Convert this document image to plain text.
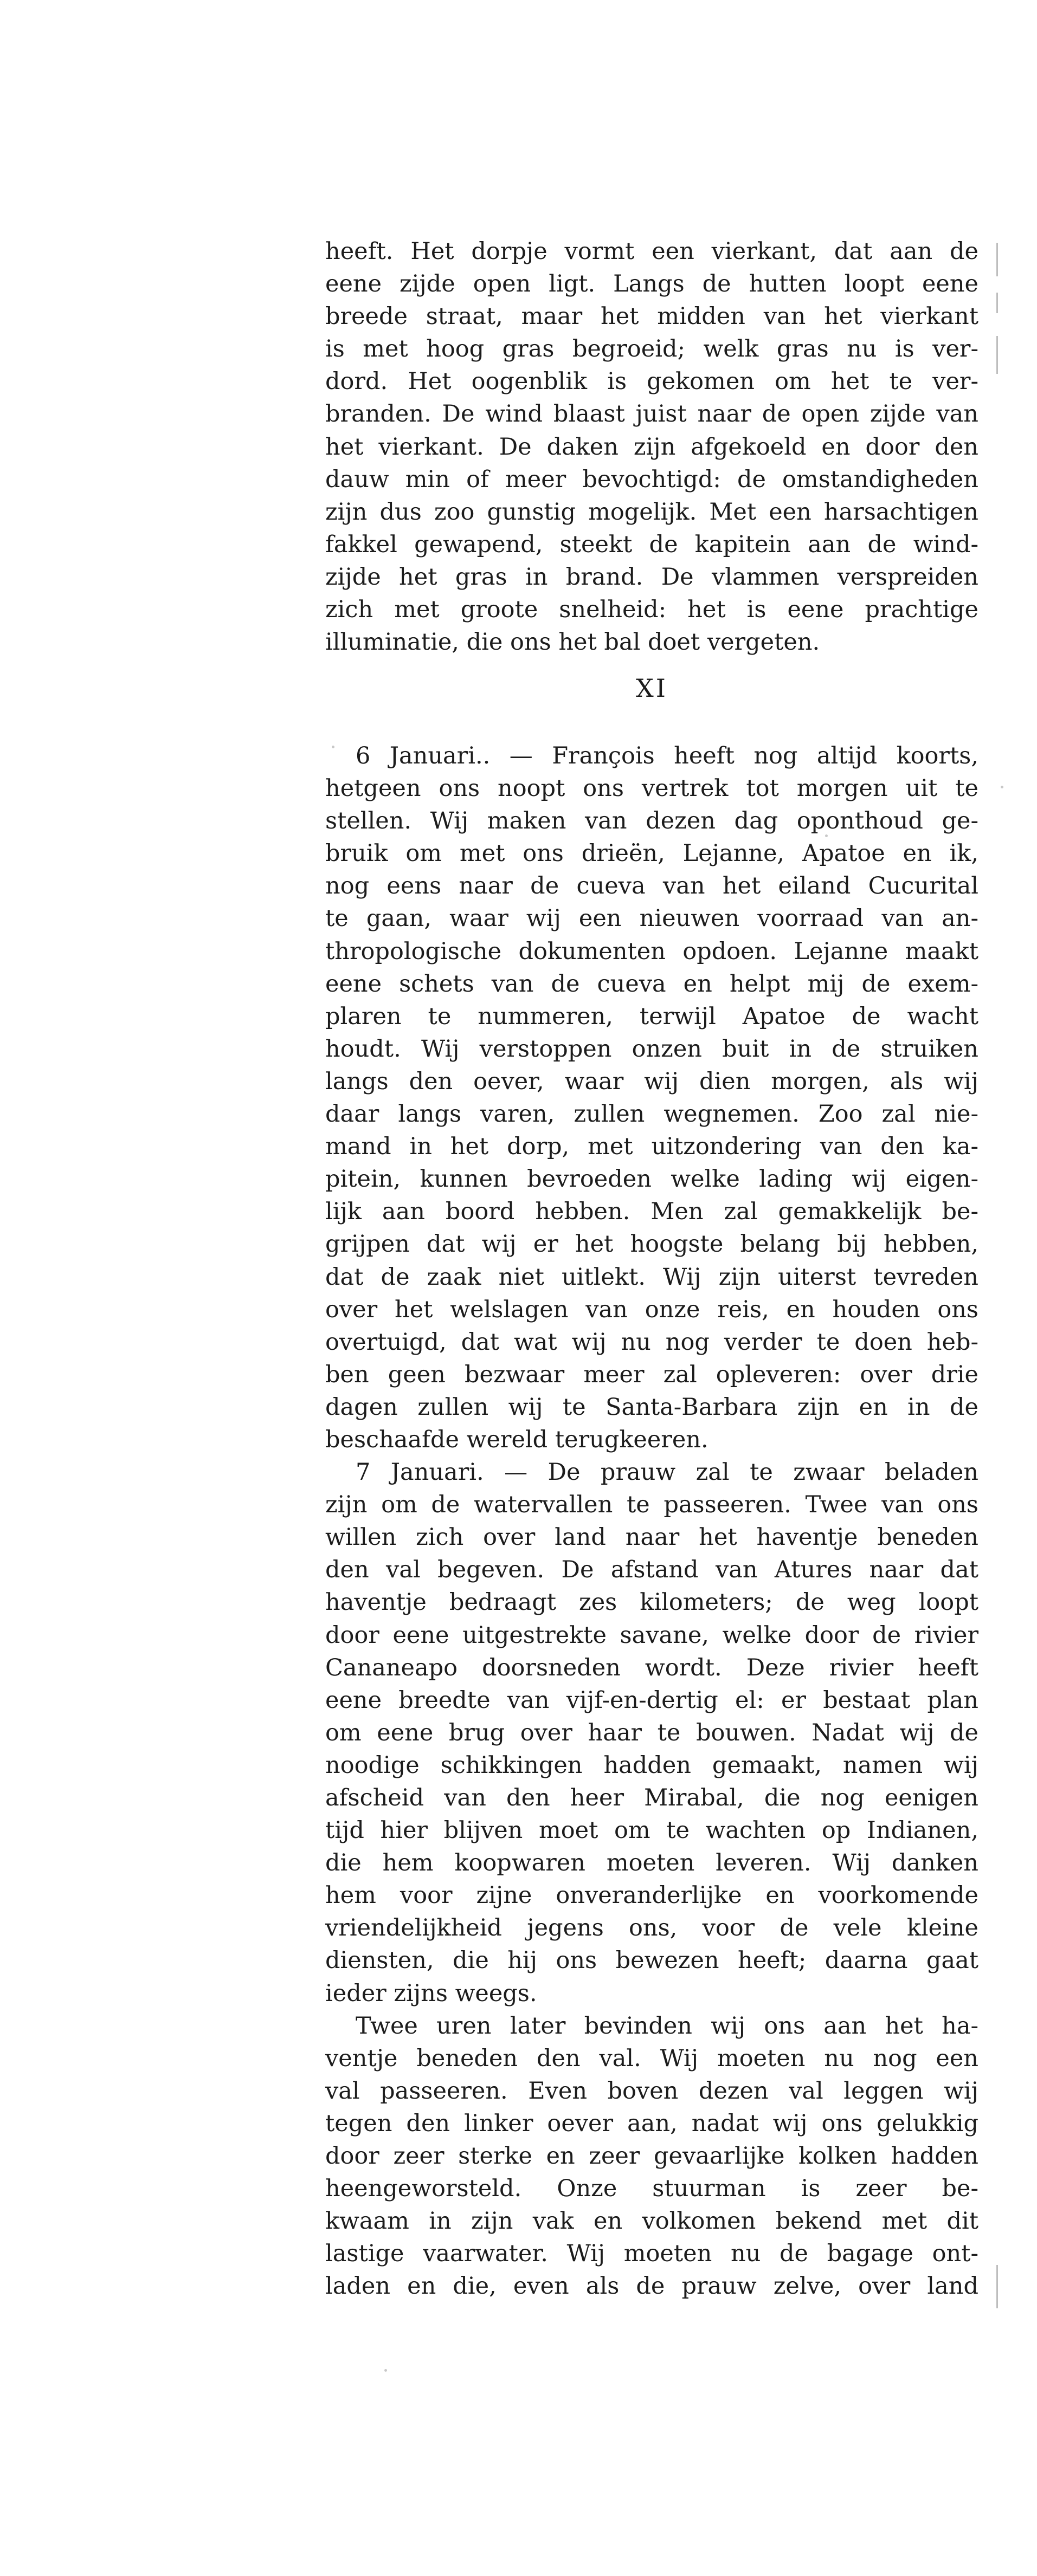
heeft. Het dorpje vormt een vierkant, dat aan de
eene zijde open ligt. Langs de hutten loopt eene
breede straat, maar het midden van het vierkant
is met hoog gras begroeid; welk gras nu is ver-
dord. Het oogenblik is gekomen om het te ver-
branden. De wind blaast juist naar de open zijde van
het vierkant. De daken zijn afgekoeld en door den
dauw min of meer bevochtigd: de omstandigheden
zijn dus zoo gunstig mogelijk. Met een harsachtigen
fakkel gewapend, steekt de kapitein aan de wind-
zijde het gras in brand. De vlammen verspreiden
zich met groote snelheid: het is eene prachtige
illuminatie, die ons het bal doet vergeten.
XI
6 Januari.. — François heeft nog altijd koorts,
hetgeen ons noopt ons vertrek tot morgen uit te
stellen. Wij maken van dezen dag oponthoud ge-
bruik om met ons drieën, Lejanne, Apatoe en ik,
nog eens naar de cueva van het eiland Cucurital
te gaan, waar wij een nieuwen voorraad van an-
thropologische dokumenten opdoen. Lejanne maakt
eene schets van de cueva en helpt mij de exem-
plaren te nummeren, terwijl Apatoe de wacht
houdt. Wij verstoppen onzen buit in de struiken
langs den oever, waar wij dien morgen, als wij
daar langs varen, zullen wegnemen. Zoo zal nie-
mand in het dorp, met uitzondering van den ka-
pitein, kunnen bevroeden welke lading wij eigen-
lijk aan boord hebben. Men zal gemakkelijk be-
grijpen dat wij er het hoogste belang bij hebben,
dat de zaak niet uitlekt. Wij zijn uiterst tevreden
over het welslagen van onze reis, en houden ons
overtuigd, dat wat wij nu nog verder te doen heb-
ben geen bezwaar meer zal opleveren: over drie
dagen zullen wij te Santa-Barbara zijn en in de
beschaafde wereld terugkeeren.
7 Januari. — De prauw zal te zwaar beladen
zijn om de watervallen te passeeren. Twee van ons
willen zich over land naar het haventje beneden
den val begeven. De afstand van Atures naar dat
haventje bedraagt zes kilometers; de weg loopt
door eene uitgestrekte savane, welke door de rivier
Cananeapo doorsneden wordt. Deze rivier heeft
eene breedte van vijf-en-dertig el: er bestaat plan
om eene brug over haar te bouwen. Nadat wij de
noodige schikkingen hadden gemaakt, namen wij
afscheid van den heer Mirabal, die nog eenigen
tijd hier blijven moet om te wachten op Indianen,
die hem koopwaren moeten leveren. Wij danken
hem voor zijne onveranderlijke en voorkomende
vriendelijkheid jegens ons, voor de vele kleine
diensten, die hij ons bewezen heeft; daarna gaat
ieder zijns weegs.
Twee uren later bevinden wij ons aan het ha-
ventje beneden den val. Wij moeten nu nog een
val passeeren. Even boven dezen val leggen wij
tegen den linker oever aan, nadat wij ons gelukkig
door zeer sterke en zeer gevaarlijke kolken hadden
heengeworsteld. Onze stuurman is zeer be-
kwaam in zijn vak en volkomen bekend met dit
lastige vaarwater. Wij moeten nu de bagage ont-
laden en die, even als de prauw zelve, over land
